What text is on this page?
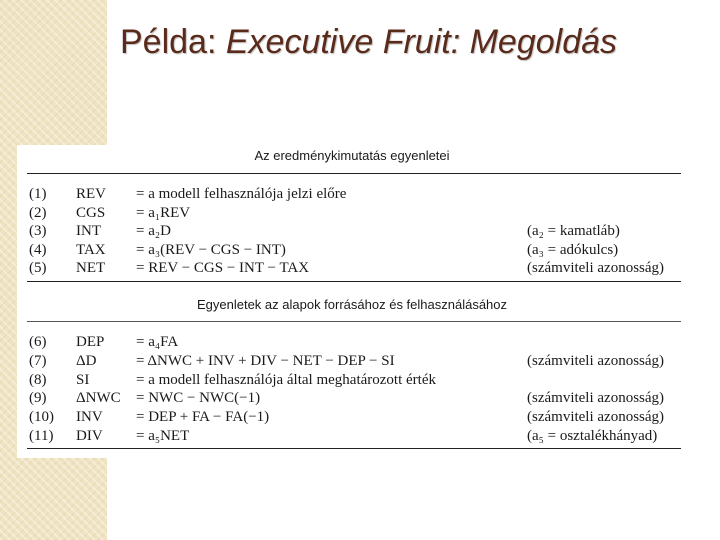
Példa: Executive Fruit: Megoldás
Az eredménykimutatás egyenletei
(1) REV = a modell felhasználója jelzi előre
(2) CGS = a₁REV
(3) INT = a₂D	(a₂ = kamatláb)
(4) TAX = a₃(REV − CGS − INT)	(a₃ = adókulcs)
(5) NET = REV − CGS − INT − TAX	(számviteli azonosság)
Egyenletek az alapok forrásához és felhasználásához
(6) DEP = a₄FA
(7) ΔD	= ΔNWC + INV + DIV − NET − DEP − SI	(számviteli azonosság)
(8) SI	= a modell felhasználója által meghatározott érték
(9) ΔNWC = NWC − NWC(−1)	(számviteli azonosság)
(10) INV = DEP + FA − FA(−1)	(számviteli azonosság)
(11) DIV = a₅NET	(a₅ = osztalékhányad)
